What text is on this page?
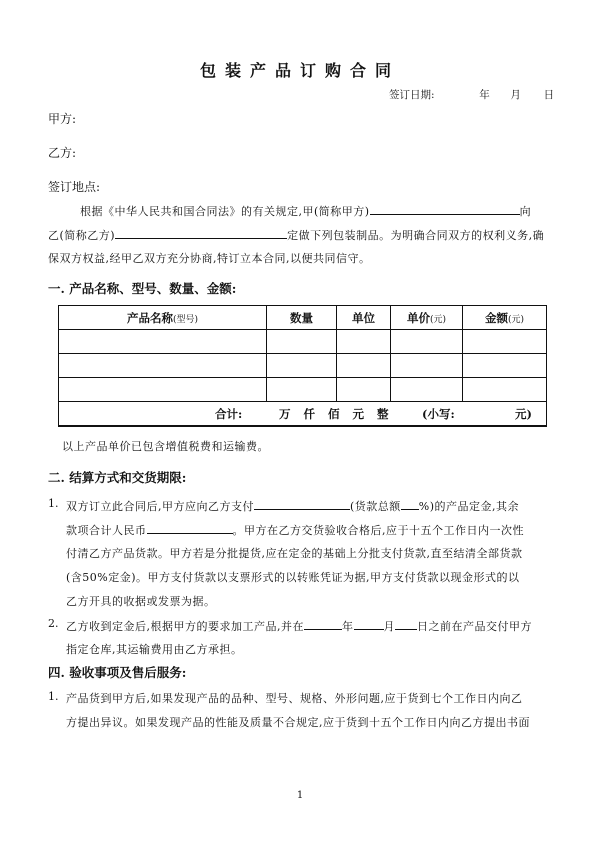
包装产品订购合同
签订日期:	年 月 日
甲方:
乙方:
签订地点:
根据《中华人民共和国合同法》的有关规定,甲(简称甲方)	向
乙(简称乙方)	定做下列包装制品。为明确合同双方的权利义务,确
保双方权益,经甲乙双方充分协商,特订立本合同,以便共同信守。
一. 产品名称、型号、数量、金额:
产品名称(型号)	数量	单位	单价(元)	金额(元)

合计: 万 仟 佰 元 整 (小写: 元)				
以上产品单价已包含增值税费和运输费。
二. 结算方式和交货期限:
1. 双方订立此合同后,甲方应向乙方支付	(货款总额 %)的产品定金,其余
款项合计人民币	。甲方在乙方交货验收合格后,应于十五个工作日内一次性
付清乙方产品货款。甲方若是分批提货,应在定金的基础上分批支付货款,直至结清全部货款
(含50%定金)。甲方支付货款以支票形式的以转账凭证为据,甲方支付货款以现金形式的以
乙方开具的收据或发票为据。
2. 乙方收到定金后,根据甲方的要求加工产品,并在	年	月 日之前在产品交付甲方
指定仓库,其运输费用由乙方承担。
四. 验收事项及售后服务:
1. 产品货到甲方后,如果发现产品的品种、型号、规格、外形问题,应于货到七个工作日内向乙
方提出异议。如果发现产品的性能及质量不合规定,应于货到十五个工作日内向乙方提出书面
1
